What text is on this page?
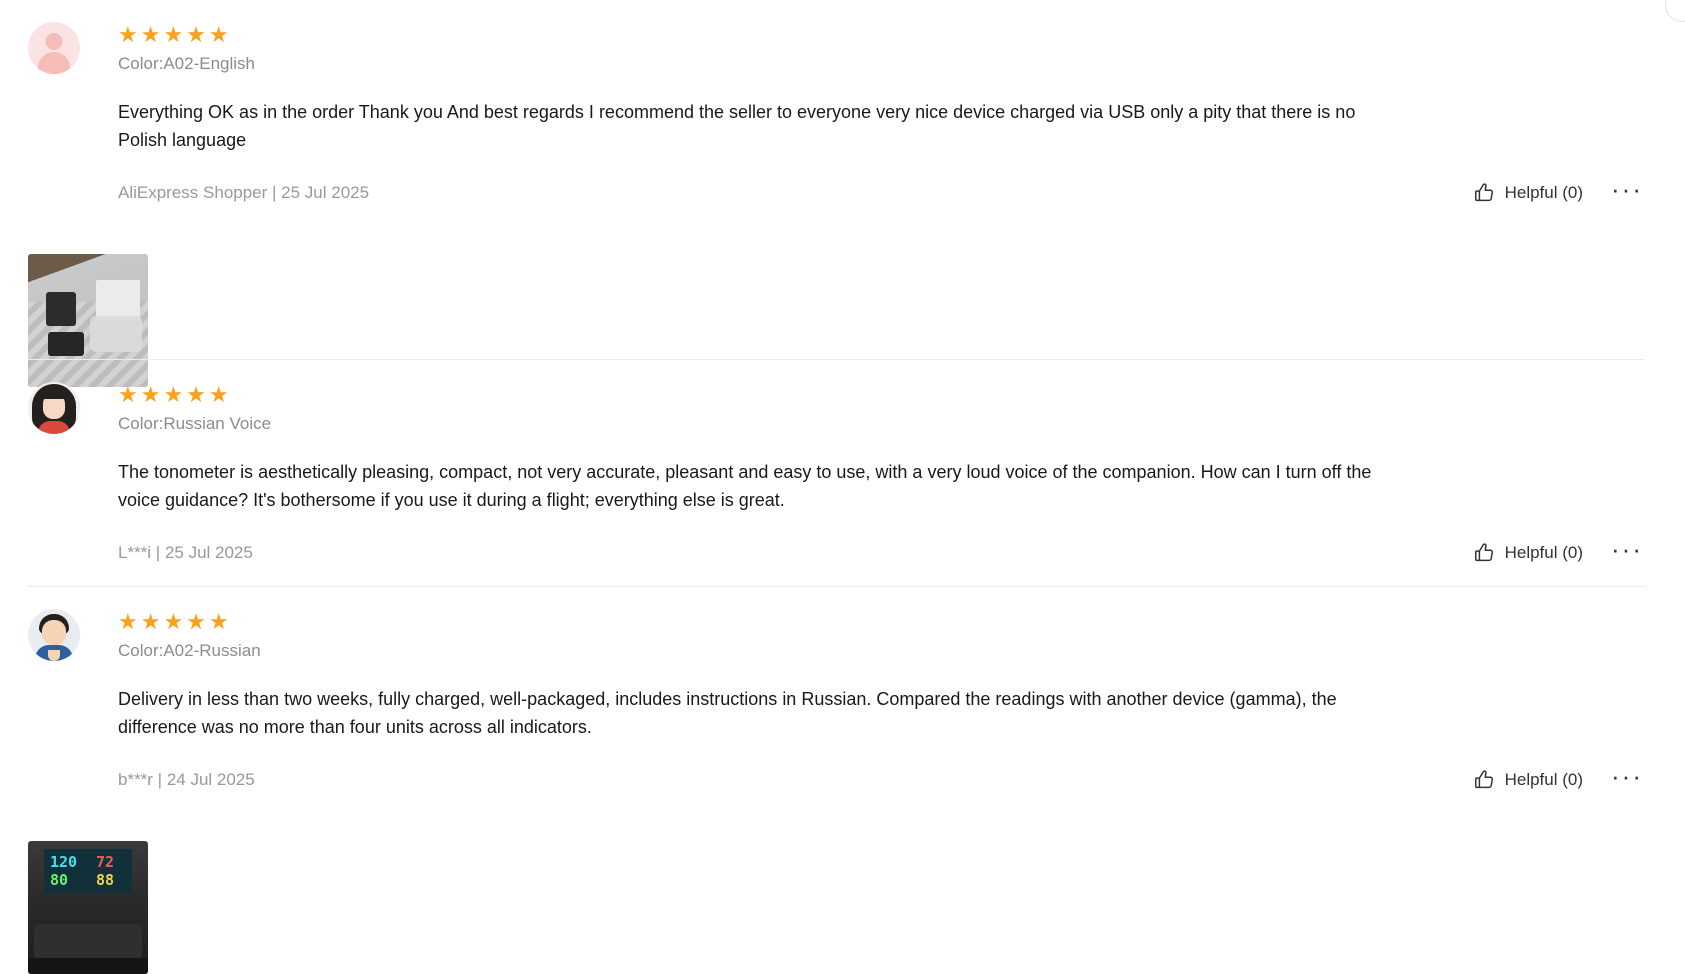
★★★★★
Color:A02-English
Everything OK as in the order Thank you And best regards I recommend the seller to everyone very nice device charged via USB only a pity that there is no Polish language
AliExpress Shopper | 25 Jul 2025	Helpful (0) ···
★★★★★
Color:Russian Voice
The tonometer is aesthetically pleasing, compact, not very accurate, pleasant and easy to use, with a very loud voice of the companion. How can I turn off the voice guidance? It's bothersome if you use it during a flight; everything else is great.
L***i | 25 Jul 2025	Helpful (0) ···
★★★★★
Color:A02-Russian
Delivery in less than two weeks, fully charged, well-packaged, includes instructions in Russian. Compared the readings with another device (gamma), the difference was no more than four units across all indicators.
b***r | 24 Jul 2025	Helpful (0) ···
120
80
72
88
